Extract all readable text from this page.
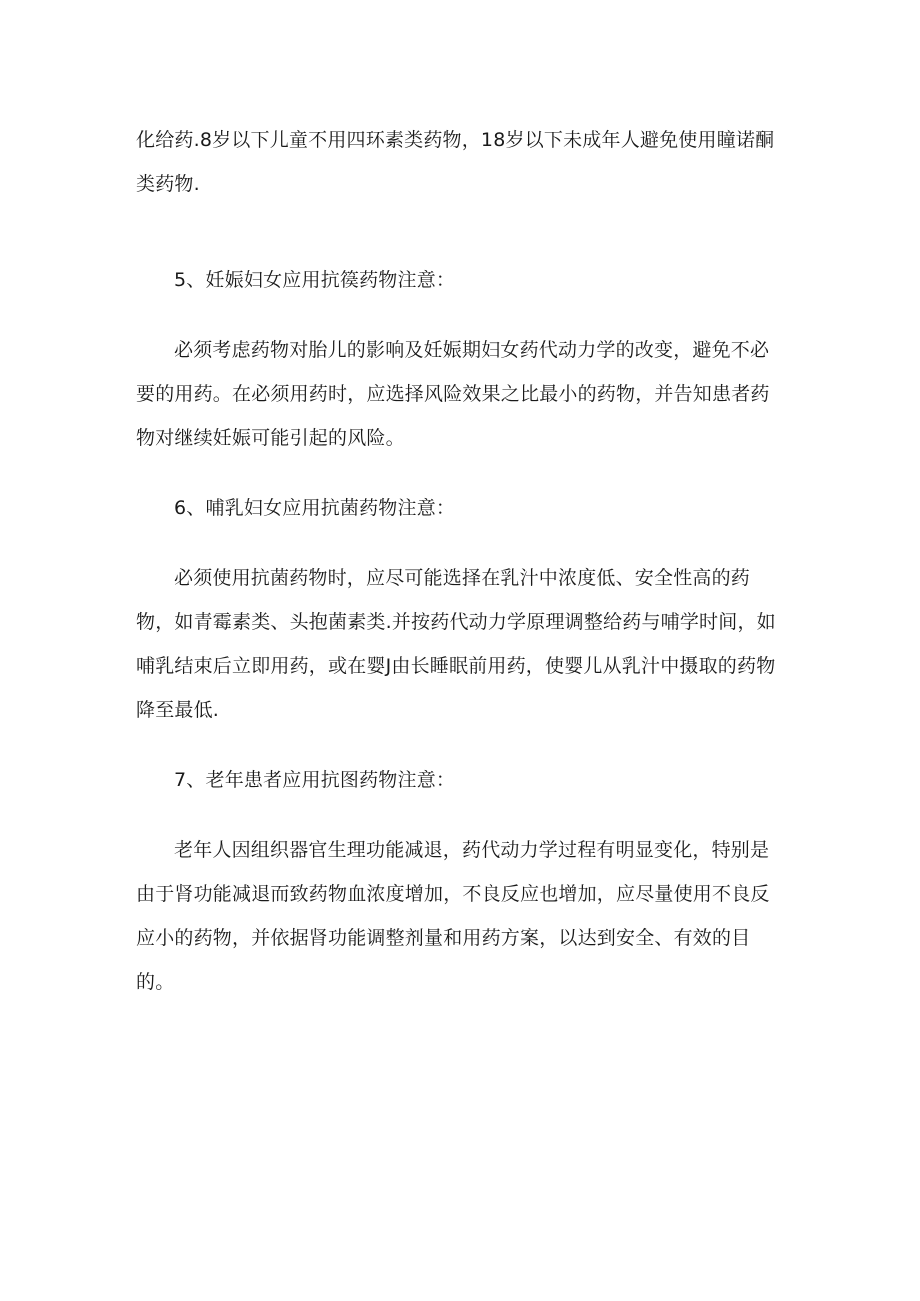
化给药.8岁以下儿童不用四环素类药物，18岁以下未成年人避免使用瞳诺酮类药物.

5、妊娠妇女应用抗篌药物注意：

必须考虑药物对胎儿的影响及妊娠期妇女药代动力学的改变，避免不必要的用药。在必须用药时，应选择风险效果之比最小的药物，并告知患者药物对继续妊娠可能引起的风险。

6、哺乳妇女应用抗菌药物注意：

必须使用抗菌药物时，应尽可能选择在乳汁中浓度低、安全性高的药物，如青霉素类、头抱菌素类.并按药代动力学原理调整给药与哺学时间，如哺乳结束后立即用药，或在婴J由长睡眠前用药，使婴儿从乳汁中摄取的药物降至最低.

7、老年患者应用抗图药物注意：

老年人因组织器官生理功能减退，药代动力学过程有明显变化，特别是由于肾功能减退而致药物血浓度增加，不良反应也增加，应尽量使用不良反应小的药物，并依据肾功能调整剂量和用药方案，以达到安全、有效的目的。
